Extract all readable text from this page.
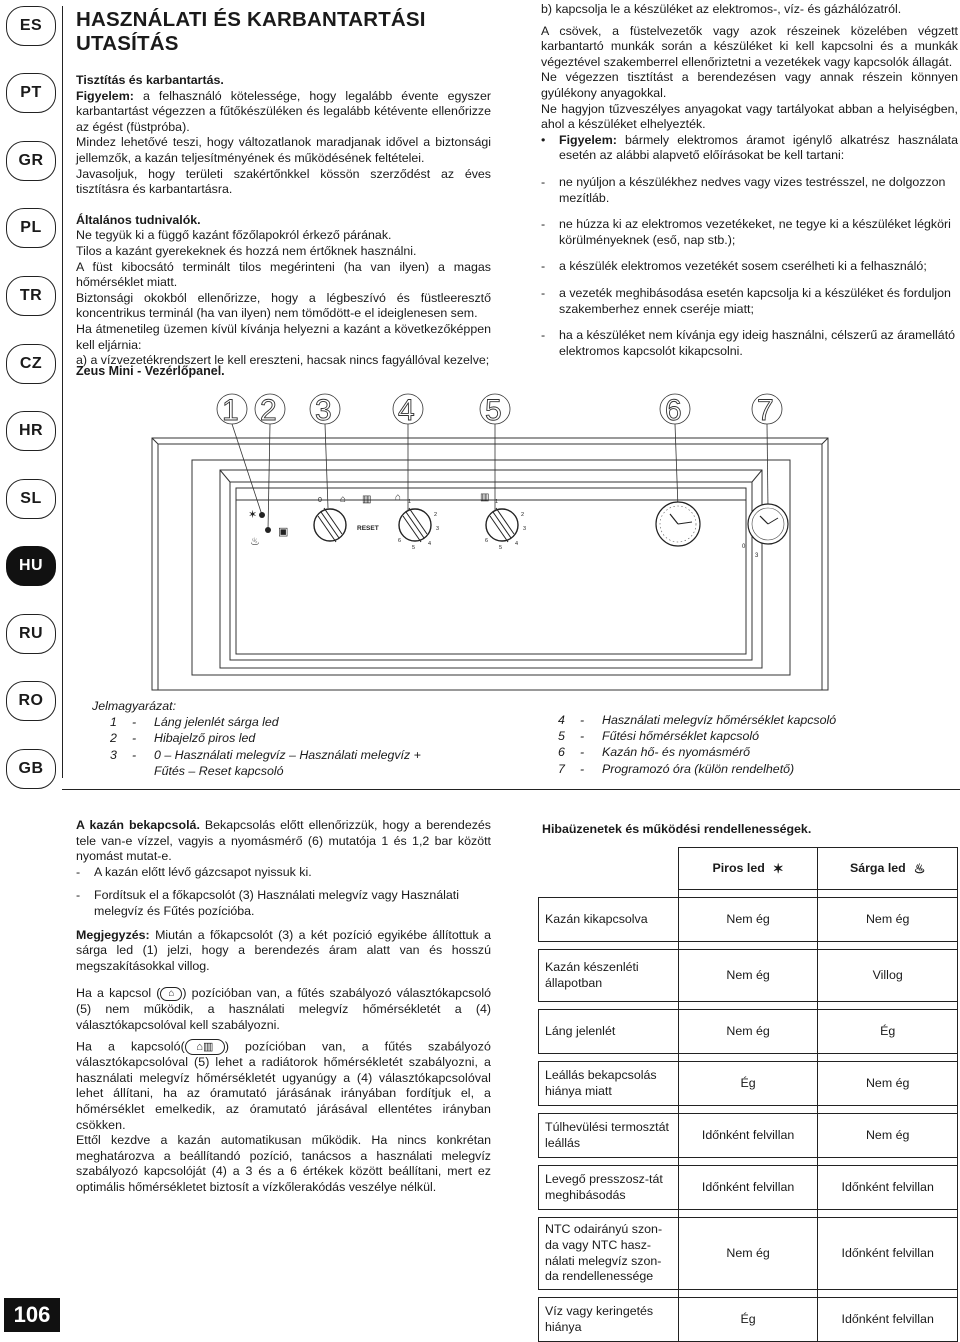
ES
PT
GR
PL
TR
CZ
HR
SL
HU
RU
RO
GB
106
HASZNÁLATI ÉS KARBANTARTÁSI UTASÍTÁS

Tisztítás és karbantartás.

Figyelem: a felhasználó kötelessége, hogy legalább évente egyszer karbantartást végezzen a fűtőkészüléken és legalább kétévente ellenőrizze az égést (füstpróba).

Mindez lehetővé teszi, hogy változatlanok maradjanak idővel a biztonsági jellemzők, a kazán teljesítményének és működésének feltételei.

Javasoljuk, hogy területi szakértőnkkel kössön szerződést az éves tisztításra és karbantartásra.

Általános tudnivalók.

Ne tegyük ki a függő kazánt főzőlapokról érkező párának.

Tilos a kazánt gyerekeknek és hozzá nem értőknek használni.

A füst kibocsátó terminált tilos megérinteni (ha van ilyen) a magas hőmérséklet miatt.

Biztonsági okokból ellenőrizze, hogy a légbeszívó és füstleeresztő koncentrikus terminál (ha van ilyen) nem tömődött-e el ideiglenesen sem.

Ha átmenetileg üzemen kívül kívánja helyezni a kazánt a következőképpen kell eljárnia:

a) a vízvezetékrendszert le kell ereszteni, hacsak nincs fagyállóval kezelve;

b) kapcsolja le a készüléket az elektromos-, víz- és gázhálózatról.

A csövek, a füstelvezetők vagy azok részeinek közelében végzett karbantartó munkák során a készüléket ki kell kapcsolni és a munkák végeztével szakemberrel ellenőriztetni a vezetékek vagy kapcsolók állagát.

Ne végezzen tisztítást a berendezésen vagy annak részein könnyen gyúlékony anyagokkal.

Ne hagyjon tűzveszélyes anyagokat vagy tartályokat abban a helyiségben, ahol a készüléket elhelyezték.

•	Figyelem: bármely elektromos áramot igénylő alkatrész használata esetén az alábbi alapvető előírásokat be kell tartani:
-	ne nyúljon a készülékhez nedves vagy vizes testrésszel, ne dolgozzon mezítláb.
-	ne húzza ki az elektromos vezetékeket, ne tegye ki a készüléket légköri körülményeknek (eső, nap stb.);
-	a készülék elektromos vezetékét sosem cserélheti ki a felhasználó;
-	a vezeték meghibásodása esetén kapcsolja ki a készüléket és forduljon szakemberhez ennek cseréje miatt;
-	ha a készüléket nem kívánja egy ideig használni, célszerű az áramellátó elektromos kapcsolót kikapcsolni.
Zeus Mini - Vezérlőpanel.
1 2 3 4 5	6	7
✶
▣
♨
0 ⌂ ▥
RESET
⌂ 1
2
3
4
5
6
▥ 1
2
3
4
5
6
0
3
Jelmagyarázat:
1	-	Láng jelenlét sárga led
2	-	Hibajelző piros led
3	-	0 – Használati melegvíz – Használati melegvíz +
Fűtés – Reset kapcsoló
4	-	Használati melegvíz hőmérséklet kapcsoló
5	-	Fűtési hőmérséklet kapcsoló
6	-	Kazán hő- és nyomásmérő
7	-	Programozó óra (külön rendelhető)

A kazán bekapcsolá. Bekapcsolás előtt ellenőrizzük, hogy a berendezés tele van-e vízzel, vagyis a nyomásmérő (6) mutatója 1 és 1,2 bar között nyomást mutat-e.

-	A kazán előtt lévő gázcsapot nyissuk ki.
-	Fordítsuk el a főkapcsolót (3) Használati melegvíz vagy Használati melegvíz és Fűtés pozícióba.

Megjegyzés: Miután a főkapcsolót (3) a két pozíció egyikébe állítottuk a sárga led (1) jelzi, hogy a berendezés áram alatt van és hosszú megszakításokkal villog.

Ha a kapcsol ( ⌂ ) pozícióban van, a fűtés szabályozó választókapcsoló (5) nem működik, a használati melegvíz hőmérsékletét a (4) választókapcsolóval kell szabályozni.

Ha a kapcsoló( ⌂▥ ) pozícióban van, a fűtés szabályozó választókapcsolóval (5) lehet a radiátorok hőmérsékletét szabályozni, a használati melegvíz hőmérsékletét ugyanúgy a (4) választókapcsolóval lehet állítani, ha az óramutató járásának irányában fordítjuk el, a hőmérséklet emelkedik, az óramutató járásával ellentétes irányban csökken.

Ettől kezdve a kazán automatikusan működik. Ha nincs konkrétan meghatározva a beállítandó pozíció, tanácsos a használati melegvíz szabályozó kapcsolóját (4) a 3 és a 6 értékek között beállítani, mert ez optimális hőmérsékletet biztosít a vízkőlerakódás veszélye nélkül.

Hibaüzenetek és működési rendellenességek.

	Piros led ✶	Sárga led ♨

Kazán kikapcsolva	Nem ég	Nem ég

Kazán készenléti állapotban	Nem ég	Villog

Láng jelenlét	Nem ég	Ég

Leállás bekapcsolás hiánya miatt	Ég	Nem ég

Túlhevülési termosztát leállás	Időnként felvillan	Nem ég

Levegő presszosz-tát meghibásodás	Időnként felvillan	Időnként felvillan

NTC odairányú szon-da vagy NTC hasz-nálati melegvíz szon-da rendellenessége	Nem ég	Időnként felvillan

Víz vagy keringetés hiánya	Ég	Időnként felvillan
